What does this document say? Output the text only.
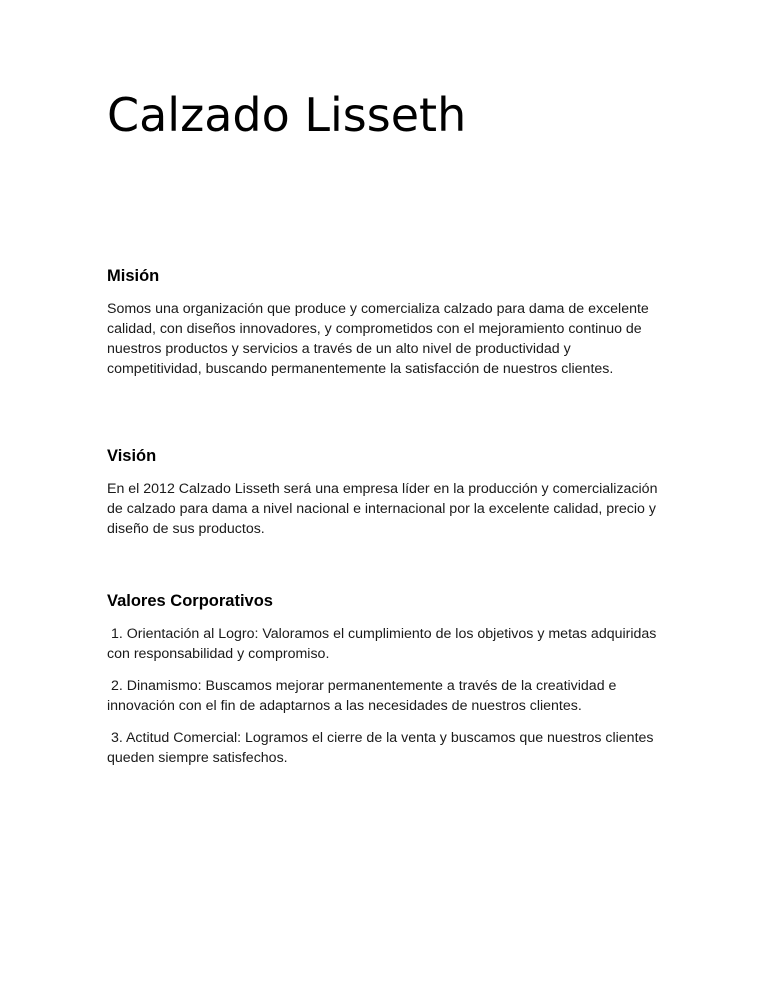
Calzado Lisseth
Misión

Somos una organización que produce y comercializa calzado para dama de excelente calidad, con diseños innovadores, y comprometidos con el mejoramiento continuo de nuestros productos y servicios a través de un alto nivel de productividad y competitividad, buscando permanentemente la satisfacción de nuestros clientes.

Visión

En el 2012 Calzado Lisseth será una empresa líder en la producción y comercialización de calzado para dama a nivel nacional e internacional por la excelente calidad, precio y diseño de sus productos.

Valores Corporativos

1. Orientación al Logro: Valoramos el cumplimiento de los objetivos y metas adquiridas con responsabilidad y compromiso.

2. Dinamismo: Buscamos mejorar permanentemente a través de la creatividad e innovación con el fin de adaptarnos a las necesidades de nuestros clientes.

3. Actitud Comercial: Logramos el cierre de la venta y buscamos que nuestros clientes queden siempre satisfechos.
